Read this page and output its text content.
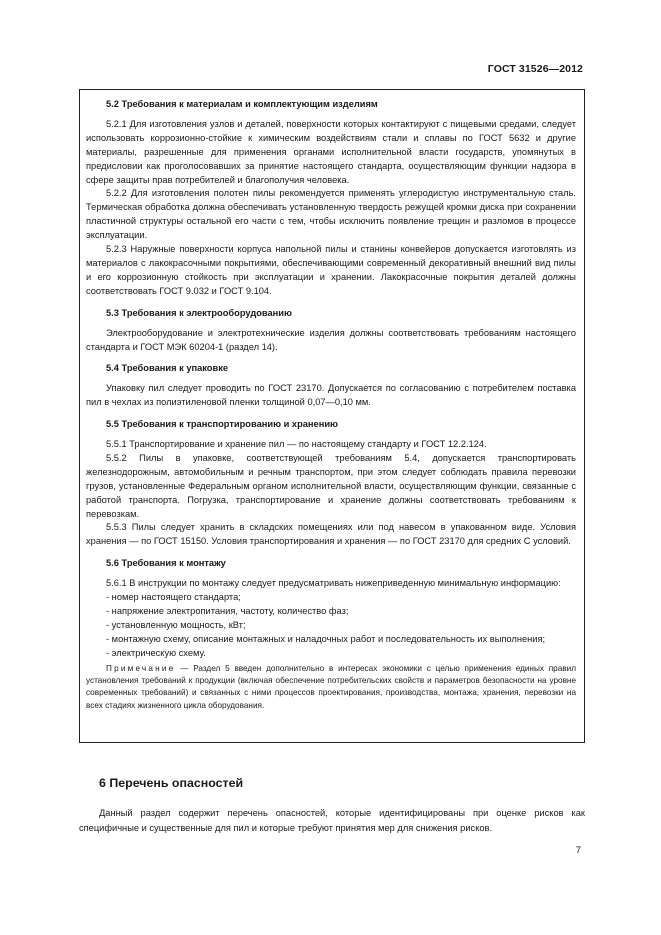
ГОСТ 31526—2012
5.2 Требования к материалам и комплектующим изделиям

5.2.1 Для изготовления узлов и деталей, поверхности которых контактируют с пищевыми средами, следует использовать коррозионно-стойкие к химическим воздействиям стали и сплавы по ГОСТ 5632 и другие материалы, разрешенные для применения органами исполнительной власти государств, упомянутых в предисловии как проголосовавших за принятие настоящего стандарта, осуществляющим функции надзора в сфере защиты прав потребителей и благополучия человека.

5.2.2 Для изготовления полотен пилы рекомендуется применять углеродистую инструментальную сталь. Термическая обработка должна обеспечивать установленную твердость режущей кромки диска при сохранении пластичной структуры остальной его части с тем, чтобы исключить появление трещин и разломов в процессе эксплуатации.

5.2.3 Наружные поверхности корпуса напольной пилы и станины конвейеров допускается изготовлять из материалов с лакокрасочными покрытиями, обеспечивающими современный декоративный внешний вид пилы и его коррозионную стойкость при эксплуатации и хранении. Лакокрасочные покрытия деталей должны соответствовать ГОСТ 9.032 и ГОСТ 9.104.

5.3 Требования к электрооборудованию

Электрооборудование и электротехнические изделия должны соответствовать требованиям настоящего стандарта и ГОСТ МЭК 60204-1 (раздел 14).

5.4 Требования к упаковке

Упаковку пил следует проводить по ГОСТ 23170. Допускается по согласованию с потребителем поставка пил в чехлах из полиэтиленовой пленки толщиной 0,07—0,10 мм.

5.5 Требования к транспортированию и хранению

5.5.1 Транспортирование и хранение пил — по настоящему стандарту и ГОСТ 12.2.124.

5.5.2 Пилы в упаковке, соответствующей требованиям 5.4, допускается транспортировать железнодорожным, автомобильным и речным транспортом, при этом следует соблюдать правила перевозки грузов, установленные Федеральным органом исполнительной власти, осуществляющим функции, связанные с работой транспорта. Погрузка, транспортирование и хранение должны соответствовать требованиям к перевозкам.

5.5.3 Пилы следует хранить в складских помещениях или под навесом в упакованном виде. Условия хранения — по ГОСТ 15150. Условия транспортирования и хранения — по ГОСТ 23170 для средних С условий.

5.6 Требования к монтажу

5.6.1 В инструкции по монтажу следует предусматривать нижеприведенную минимальную информацию:

- номер настоящего стандарта;

- напряжение электропитания, частоту, количество фаз;

- установленную мощность, кВт;

- монтажную схему, описание монтажных и наладочных работ и последовательность их выполнения;

- электрическую схему.

Примечание — Раздел 5 введен дополнительно в интересах экономики с целью применения единых правил установления требований к продукции (включая обеспечение потребительских свойств и параметров безопасности на уровне современных требований) и связанных с ними процессов проектирования, производства, монтажа, хранения, перевозки на всех стадиях жизненного цикла оборудования.

6 Перечень опасностей

Данный раздел содержит перечень опасностей, которые идентифицированы при оценке рисков как специфичные и существенные для пил и которые требуют принятия мер для снижения рисков.

7
